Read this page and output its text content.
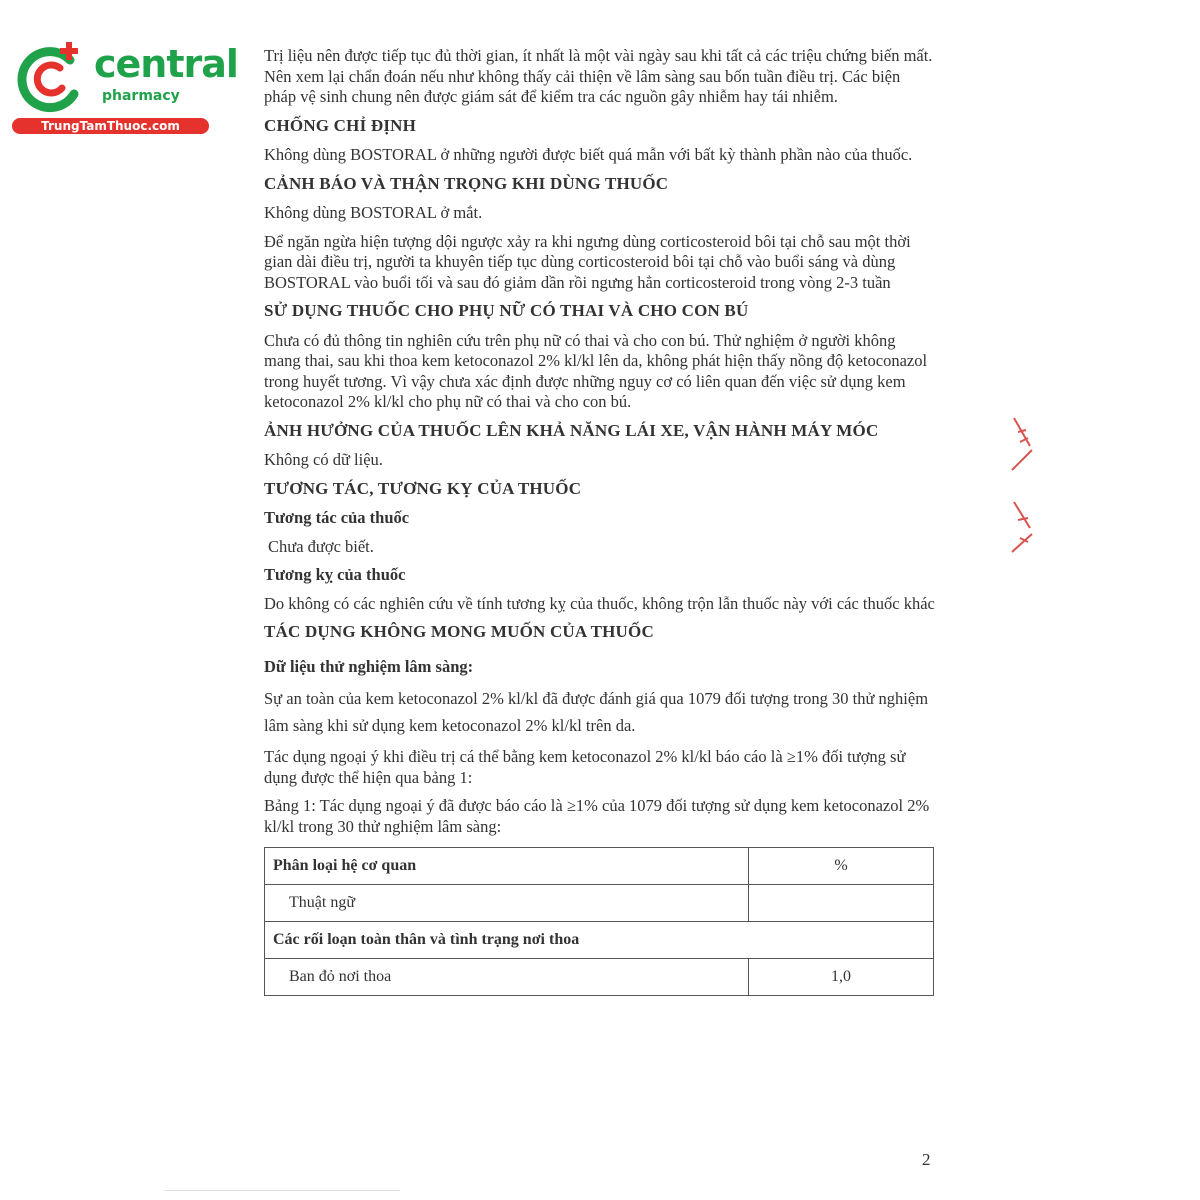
central
pharmacy
TrungTamThuoc.com

Trị liệu nên được tiếp tục đủ thời gian, ít nhất là một vài ngày sau khi tất cả các triệu chứng biến mất. Nên xem lại chẩn đoán nếu như không thấy cải thiện về lâm sàng sau bốn tuần điều trị. Các biện pháp vệ sinh chung nên được giám sát để kiểm tra các nguồn gây nhiễm hay tái nhiễm.

CHỐNG CHỈ ĐỊNH

Không dùng BOSTORAL ở những người được biết quá mẫn với bất kỳ thành phần nào của thuốc.

CẢNH BÁO VÀ THẬN TRỌNG KHI DÙNG THUỐC

Không dùng BOSTORAL ở mắt.

Để ngăn ngừa hiện tượng dội ngược xảy ra khi ngưng dùng corticosteroid bôi tại chỗ sau một thời gian dài điều trị, người ta khuyên tiếp tục dùng corticosteroid bôi tại chỗ vào buổi sáng và dùng BOSTORAL vào buổi tối và sau đó giảm dần rồi ngưng hẳn corticosteroid trong vòng 2-3 tuần

SỬ DỤNG THUỐC CHO PHỤ NỮ CÓ THAI VÀ CHO CON BÚ

Chưa có đủ thông tin nghiên cứu trên phụ nữ có thai và cho con bú. Thử nghiệm ở người không mang thai, sau khi thoa kem ketoconazol 2% kl/kl lên da, không phát hiện thấy nồng độ ketoconazol trong huyết tương. Vì vậy chưa xác định được những nguy cơ có liên quan đến việc sử dụng kem ketoconazol 2% kl/kl cho phụ nữ có thai và cho con bú.

ẢNH HƯỞNG CỦA THUỐC LÊN KHẢ NĂNG LÁI XE, VẬN HÀNH MÁY MÓC

Không có dữ liệu.

TƯƠNG TÁC, TƯƠNG KỴ CỦA THUỐC
Tương tác của thuốc

Chưa được biết.

Tương kỵ của thuốc

Do không có các nghiên cứu về tính tương kỵ của thuốc, không trộn lẫn thuốc này với các thuốc khác

TÁC DỤNG KHÔNG MONG MUỐN CỦA THUỐC
Dữ liệu thử nghiệm lâm sàng:

Sự an toàn của kem ketoconazol 2% kl/kl đã được đánh giá qua 1079 đối tượng trong 30 thử nghiệm lâm sàng khi sử dụng kem ketoconazol 2% kl/kl trên da.

Tác dụng ngoại ý khi điều trị cá thể bằng kem ketoconazol 2% kl/kl báo cáo là ≥1% đối tượng sử dụng được thể hiện qua bảng 1:

Bảng 1: Tác dụng ngoại ý đã được báo cáo là ≥1% của 1079 đối tượng sử dụng kem ketoconazol 2% kl/kl trong 30 thử nghiệm lâm sàng:

Phân loại hệ cơ quan	%
Thuật ngữ	
Các rối loạn toàn thân và tình trạng nơi thoa	
Ban đỏ nơi thoa	1,0
2
